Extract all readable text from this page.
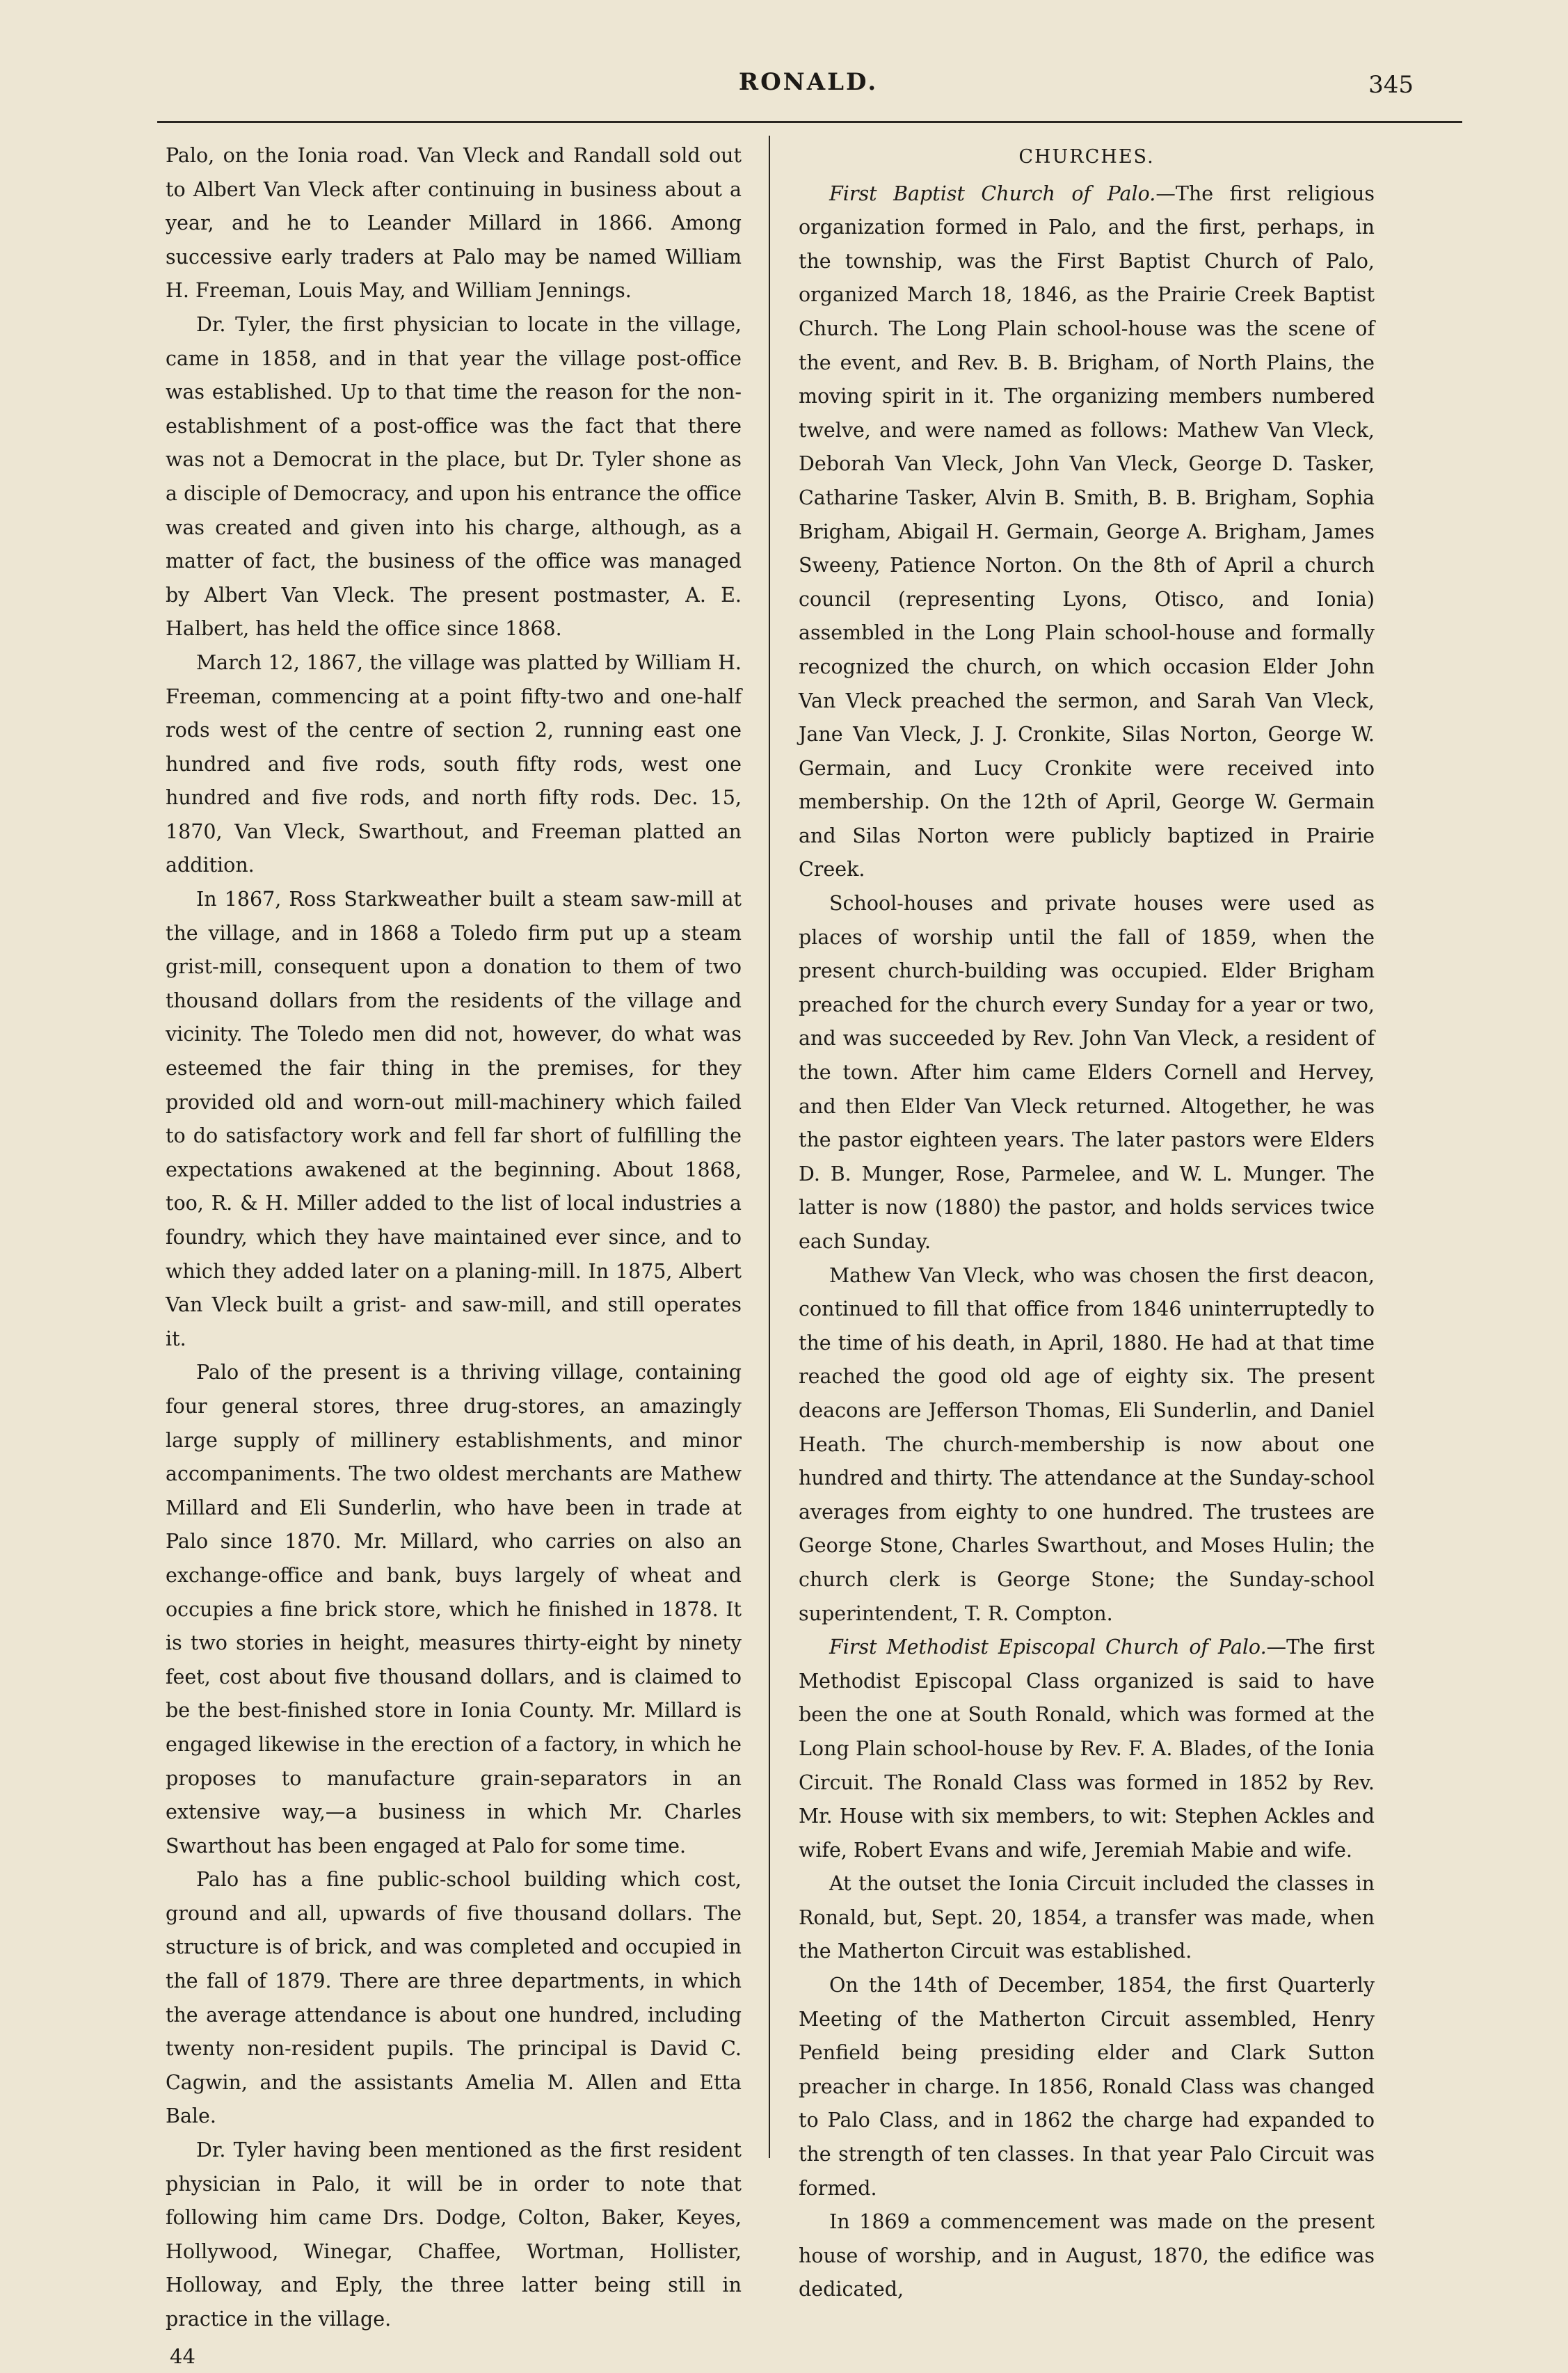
RONALD.	345

Palo, on the Ionia road. Van Vleck and Randall sold out to Albert Van Vleck after continuing in business about a year, and he to Leander Millard in 1866. Among successive early traders at Palo may be named William H. Freeman, Louis May, and William Jennings.

Dr. Tyler, the first physician to locate in the village, came in 1858, and in that year the village post-office was established. Up to that time the reason for the non-establishment of a post-office was the fact that there was not a Democrat in the place, but Dr. Tyler shone as a disciple of Democracy, and upon his entrance the office was created and given into his charge, although, as a matter of fact, the business of the office was managed by Albert Van Vleck. The present postmaster, A. E. Halbert, has held the office since 1868.

March 12, 1867, the village was platted by William H. Freeman, commencing at a point fifty-two and one-half rods west of the centre of section 2, running east one hundred and five rods, south fifty rods, west one hundred and five rods, and north fifty rods. Dec. 15, 1870, Van Vleck, Swarthout, and Freeman platted an addition.

In 1867, Ross Starkweather built a steam saw-mill at the village, and in 1868 a Toledo firm put up a steam grist-mill, consequent upon a donation to them of two thousand dollars from the residents of the village and vicinity. The Toledo men did not, however, do what was esteemed the fair thing in the premises, for they provided old and worn-out mill-machinery which failed to do satisfactory work and fell far short of fulfilling the expectations awakened at the beginning. About 1868, too, R. & H. Miller added to the list of local industries a foundry, which they have maintained ever since, and to which they added later on a planing-mill. In 1875, Albert Van Vleck built a grist- and saw-mill, and still operates it.

Palo of the present is a thriving village, containing four general stores, three drug-stores, an amazingly large supply of millinery establishments, and minor accompaniments. The two oldest merchants are Mathew Millard and Eli Sunderlin, who have been in trade at Palo since 1870. Mr. Millard, who carries on also an exchange-office and bank, buys largely of wheat and occupies a fine brick store, which he finished in 1878. It is two stories in height, measures thirty-eight by ninety feet, cost about five thousand dollars, and is claimed to be the best-finished store in Ionia County. Mr. Millard is engaged likewise in the erection of a factory, in which he proposes to manufacture grain-separators in an extensive way,—a business in which Mr. Charles Swarthout has been engaged at Palo for some time.

Palo has a fine public-school building which cost, ground and all, upwards of five thousand dollars. The structure is of brick, and was completed and occupied in the fall of 1879. There are three departments, in which the average attendance is about one hundred, including twenty non-resident pupils. The principal is David C. Cagwin, and the assistants Amelia M. Allen and Etta Bale.

Dr. Tyler having been mentioned as the first resident physician in Palo, it will be in order to note that following him came Drs. Dodge, Colton, Baker, Keyes, Hollywood, Winegar, Chaffee, Wortman, Hollister, Holloway, and Eply, the three latter being still in practice in the village.

44
CHURCHES.

First Baptist Church of Palo.—The first religious organization formed in Palo, and the first, perhaps, in the township, was the First Baptist Church of Palo, organized March 18, 1846, as the Prairie Creek Baptist Church. The Long Plain school-house was the scene of the event, and Rev. B. B. Brigham, of North Plains, the moving spirit in it. The organizing members numbered twelve, and were named as follows: Mathew Van Vleck, Deborah Van Vleck, John Van Vleck, George D. Tasker, Catharine Tasker, Alvin B. Smith, B. B. Brigham, Sophia Brigham, Abigail H. Germain, George A. Brigham, James Sweeny, Patience Norton. On the 8th of April a church council (representing Lyons, Otisco, and Ionia) assembled in the Long Plain school-house and formally recognized the church, on which occasion Elder John Van Vleck preached the sermon, and Sarah Van Vleck, Jane Van Vleck, J. J. Cronkite, Silas Norton, George W. Germain, and Lucy Cronkite were received into membership. On the 12th of April, George W. Germain and Silas Norton were publicly baptized in Prairie Creek.

School-houses and private houses were used as places of worship until the fall of 1859, when the present church-building was occupied. Elder Brigham preached for the church every Sunday for a year or two, and was succeeded by Rev. John Van Vleck, a resident of the town. After him came Elders Cornell and Hervey, and then Elder Van Vleck returned. Altogether, he was the pastor eighteen years. The later pastors were Elders D. B. Munger, Rose, Parmelee, and W. L. Munger. The latter is now (1880) the pastor, and holds services twice each Sunday.

Mathew Van Vleck, who was chosen the first deacon, continued to fill that office from 1846 uninterruptedly to the time of his death, in April, 1880. He had at that time reached the good old age of eighty six. The present deacons are Jefferson Thomas, Eli Sunderlin, and Daniel Heath. The church-membership is now about one hundred and thirty. The attendance at the Sunday-school averages from eighty to one hundred. The trustees are George Stone, Charles Swarthout, and Moses Hulin; the church clerk is George Stone; the Sunday-school superintendent, T. R. Compton.

First Methodist Episcopal Church of Palo.—The first Methodist Episcopal Class organized is said to have been the one at South Ronald, which was formed at the Long Plain school-house by Rev. F. A. Blades, of the Ionia Circuit. The Ronald Class was formed in 1852 by Rev. Mr. House with six members, to wit: Stephen Ackles and wife, Robert Evans and wife, Jeremiah Mabie and wife.

At the outset the Ionia Circuit included the classes in Ronald, but, Sept. 20, 1854, a transfer was made, when the Matherton Circuit was established.

On the 14th of December, 1854, the first Quarterly Meeting of the Matherton Circuit assembled, Henry Penfield being presiding elder and Clark Sutton preacher in charge. In 1856, Ronald Class was changed to Palo Class, and in 1862 the charge had expanded to the strength of ten classes. In that year Palo Circuit was formed.

In 1869 a commencement was made on the present house of worship, and in August, 1870, the edifice was dedicated,
